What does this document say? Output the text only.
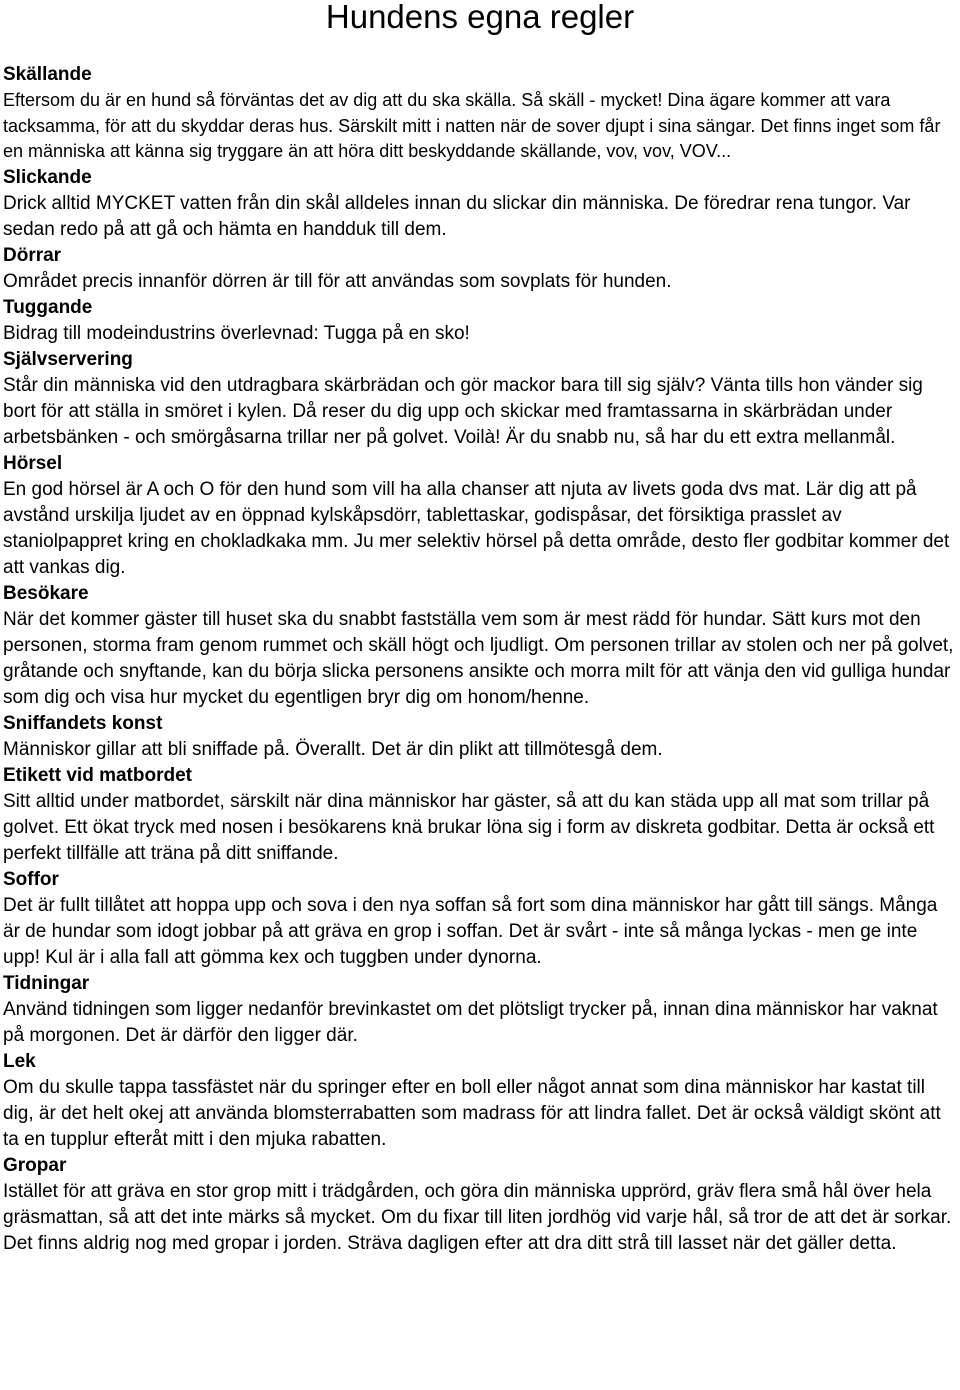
Hundens egna regler
Skällande

Eftersom du är en hund så förväntas det av dig att du ska skälla. Så skäll - mycket! Dina ägare kommer att vara tacksamma, för att du skyddar deras hus. Särskilt mitt i natten när de sover djupt i sina sängar. Det finns inget som får en människa att känna sig tryggare än att höra ditt beskyddande skällande, vov, vov, VOV...

Slickande

Drick alltid MYCKET vatten från din skål alldeles innan du slickar din människa. De föredrar rena tungor. Var sedan redo på att gå och hämta en handduk till dem.

Dörrar

Området precis innanför dörren är till för att användas som sovplats för hunden.

Tuggande

Bidrag till modeindustrins överlevnad: Tugga på en sko!

Självservering

Står din människa vid den utdragbara skärbrädan och gör mackor bara till sig själv? Vänta tills hon vänder sig bort för att ställa in smöret i kylen. Då reser du dig upp och skickar med framtassarna in skärbrädan under arbetsbänken - och smörgåsarna trillar ner på golvet. Voilà! Är du snabb nu, så har du ett extra mellanmål.

Hörsel

En god hörsel är A och O för den hund som vill ha alla chanser att njuta av livets goda dvs mat. Lär dig att på avstånd urskilja ljudet av en öppnad kylskåpsdörr, tablettaskar, godispåsar, det försiktiga prasslet av staniolpappret kring en chokladkaka mm. Ju mer selektiv hörsel på detta område, desto fler godbitar kommer det att vankas dig.

Besökare

När det kommer gäster till huset ska du snabbt fastställa vem som är mest rädd för hundar. Sätt kurs mot den personen, storma fram genom rummet och skäll högt och ljudligt. Om personen trillar av stolen och ner på golvet, gråtande och snyftande, kan du börja slicka personens ansikte och morra milt för att vänja den vid gulliga hundar som dig och visa hur mycket du egentligen bryr dig om honom/henne.

Sniffandets konst

Människor gillar att bli sniffade på. Överallt. Det är din plikt att tillmötesgå dem.

Etikett vid matbordet

Sitt alltid under matbordet, särskilt när dina människor har gäster, så att du kan städa upp all mat som trillar på golvet. Ett ökat tryck med nosen i besökarens knä brukar löna sig i form av diskreta godbitar. Detta är också ett perfekt tillfälle att träna på ditt sniffande.

Soffor

Det är fullt tillåtet att hoppa upp och sova i den nya soffan så fort som dina människor har gått till sängs. Många är de hundar som idogt jobbar på att gräva en grop i soffan. Det är svårt - inte så många lyckas - men ge inte upp! Kul är i alla fall att gömma kex och tuggben under dynorna.

Tidningar

Använd tidningen som ligger nedanför brevinkastet om det plötsligt trycker på, innan dina människor har vaknat på morgonen. Det är därför den ligger där.

Lek

Om du skulle tappa tassfästet när du springer efter en boll eller något annat som dina människor har kastat till dig, är det helt okej att använda blomsterrabatten som madrass för att lindra fallet. Det är också väldigt skönt att ta en tupplur efteråt mitt i den mjuka rabatten.

Gropar

Istället för att gräva en stor grop mitt i trädgården, och göra din människa upprörd, gräv flera små hål över hela gräsmattan, så att det inte märks så mycket. Om du fixar till liten jordhög vid varje hål, så tror de att det är sorkar. Det finns aldrig nog med gropar i jorden. Sträva dagligen efter att dra ditt strå till lasset när det gäller detta.
